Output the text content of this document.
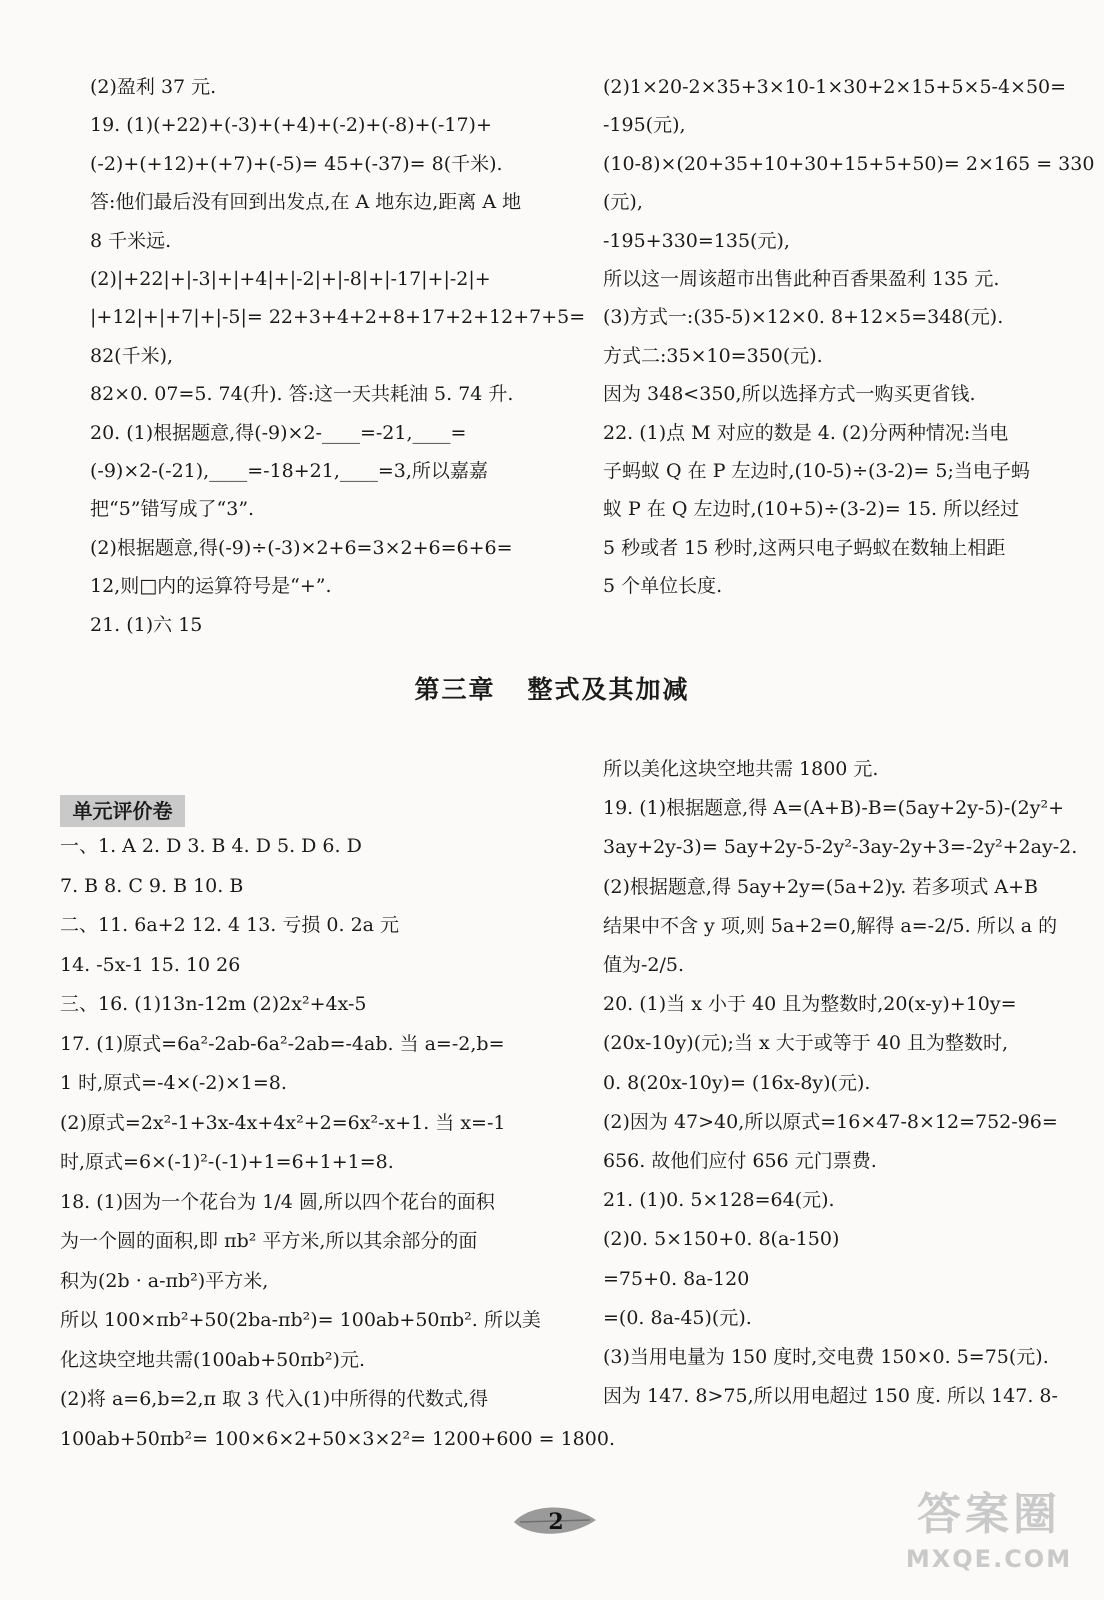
(2)盈利 37 元.
19. (1)(+22)+(-3)+(+4)+(-2)+(-8)+(-17)+
(-2)+(+12)+(+7)+(-5)= 45+(-37)= 8(千米).
答:他们最后没有回到出发点,在 A 地东边,距离 A 地
8 千米远.
(2)|+22|+|-3|+|+4|+|-2|+|-8|+|-17|+|-2|+
|+12|+|+7|+|-5|= 22+3+4+2+8+17+2+12+7+5=
82(千米),
82×0. 07=5. 74(升). 答:这一天共耗油 5. 74 升.
20. (1)根据题意,得(-9)×2-____=-21,____=
(-9)×2-(-21),____=-18+21,____=3,所以嘉嘉
把“5”错写成了“3”.
(2)根据题意,得(-9)÷(-3)×2+6=3×2+6=6+6=
12,则□内的运算符号是“+”.
21. (1)六 15
(2)1×20-2×35+3×10-1×30+2×15+5×5-4×50=
-195(元),
(10-8)×(20+35+10+30+15+5+50)= 2×165 = 330
(元),
-195+330=135(元),
所以这一周该超市出售此种百香果盈利 135 元.
(3)方式一:(35-5)×12×0. 8+12×5=348(元).
方式二:35×10=350(元).
因为 348<350,所以选择方式一购买更省钱.
22. (1)点 M 对应的数是 4. (2)分两种情况:当电
子蚂蚁 Q 在 P 左边时,(10-5)÷(3-2)= 5;当电子蚂
蚁 P 在 Q 左边时,(10+5)÷(3-2)= 15. 所以经过
5 秒或者 15 秒时,这两只电子蚂蚁在数轴上相距
5 个单位长度.
第三章   整式及其加减
单元评价卷
一、1. A 2. D 3. B 4. D 5. D 6. D
7. B 8. C 9. B 10. B
二、11. 6a+2 12. 4 13. 亏损 0. 2a 元
14. -5x-1 15. 10 26
三、16. (1)13n-12m (2)2x²+4x-5
17. (1)原式=6a²-2ab-6a²-2ab=-4ab. 当 a=-2,b=
1 时,原式=-4×(-2)×1=8.
(2)原式=2x²-1+3x-4x+4x²+2=6x²-x+1. 当 x=-1
时,原式=6×(-1)²-(-1)+1=6+1+1=8.
18. (1)因为一个花台为 1/4 圆,所以四个花台的面积
为一个圆的面积,即 πb² 平方米,所以其余部分的面
积为(2b · a-πb²)平方米,
所以 100×πb²+50(2ba-πb²)= 100ab+50πb². 所以美
化这块空地共需(100ab+50πb²)元.
(2)将 a=6,b=2,π 取 3 代入(1)中所得的代数式,得
100ab+50πb²= 100×6×2+50×3×2²= 1200+600 = 1800.
所以美化这块空地共需 1800 元.
19. (1)根据题意,得 A=(A+B)-B=(5ay+2y-5)-(2y²+
3ay+2y-3)= 5ay+2y-5-2y²-3ay-2y+3=-2y²+2ay-2.
(2)根据题意,得 5ay+2y=(5a+2)y. 若多项式 A+B
结果中不含 y 项,则 5a+2=0,解得 a=-2/5. 所以 a 的
值为-2/5.
20. (1)当 x 小于 40 且为整数时,20(x-y)+10y=
(20x-10y)(元);当 x 大于或等于 40 且为整数时,
0. 8(20x-10y)= (16x-8y)(元).
(2)因为 47>40,所以原式=16×47-8×12=752-96=
656. 故他们应付 656 元门票费.
21. (1)0. 5×128=64(元).
(2)0. 5×150+0. 8(a-150)
=75+0. 8a-120
=(0. 8a-45)(元).
(3)当用电量为 150 度时,交电费 150×0. 5=75(元).
因为 147. 8>75,所以用电超过 150 度. 所以 147. 8-
2	答案圈
MXQE.COM
